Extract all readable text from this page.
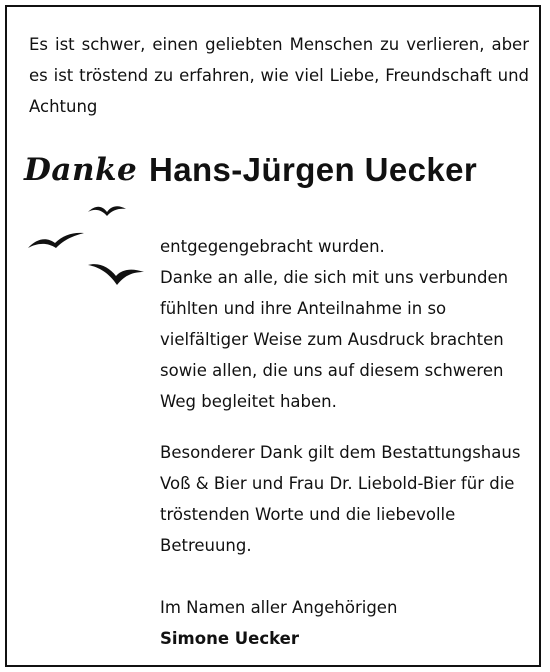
Es ist schwer, einen geliebten Menschen zu verlieren, aber es ist tröstend zu erfahren, wie viel Liebe, Freundschaft und Achtung

Danke Hans-Jürgen Uecker

entgegengebracht wurden.
Danke an alle, die sich mit uns verbunden fühlten und ihre Anteilnahme in so vielfältiger Weise zum Ausdruck brachten sowie allen, die uns auf diesem schweren Weg begleitet haben.

Besonderer Dank gilt dem Bestattungshaus Voß & Bier und Frau Dr. Liebold-Bier für die tröstenden Worte und die liebevolle Betreuung.

Im Namen aller Angehörigen
Simone Uecker
